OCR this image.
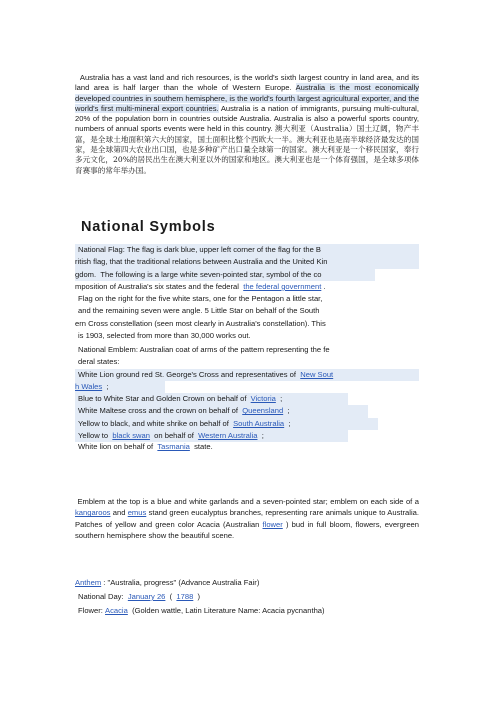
Australia has a vast land and rich resources, is the world's sixth largest country in land area, and its land area is half larger than the whole of Western Europe. Australia is the most economically developed countries in southern hemisphere, is the world's fourth largest agricultural exporter, and the world's first multi-mineral export countries. Australia is a nation of immigrants, pursuing multi-cultural, 20% of the population born in countries outside Australia. Australia is also a powerful sports country, numbers of annual sports events were held in this country. 澳大利亚（Australia）国土辽阔，物产丰富，是全球土地面积第六大的国家，国土面积比整个西欧大一半。澳大利亚也是南半球经济最发达的国家，是全球第四大农业出口国，也是多种矿产出口量全球第一的国家。澳大利亚是一个移民国家，奉行多元文化，20%的居民出生在澳大利亚以外的国家和地区。澳大利亚也是一个体育强国，是全球多项体育赛事的常年举办国。
National Symbols
National Flag: The flag is dark blue, upper left corner of the flag for the B
ritish flag, that the traditional relations between Australia and the United Kin
gdom. The following is a large white seven-pointed star, symbol of the co
mposition of Australia's six states and the federal the federal government .
Flag on the right for the five white stars, one for the Pentagon a little star,
and the remaining seven were angle. 5 Little Star on behalf of the South
ern Cross constellation (seen most clearly in Australia's constellation). This
is 1903, selected from more than 30,000 works out.
National Emblem: Australian coat of arms of the pattern representing the fe
deral states:
White Lion ground red St. George's Cross and representatives of New Sout
h Wales ;
Blue to White Star and Golden Crown on behalf of Victoria ;
White Maltese cross and the crown on behalf of Queensland ;
Yellow to black, and white shrike on behalf of South Australia ;
Yellow to black swan on behalf of Western Australia ;
White lion on behalf of Tasmania state.
Emblem at the top is a blue and white garlands and a seven-pointed star; emblem on each side of a kangaroos and emus stand green eucalyptus branches, representing rare animals unique to Australia. Patches of yellow and green color Acacia (Australian flower ) bud in full bloom, flowers, evergreen southern hemisphere show the beautiful scene.
Anthem : "Australia, progress" (Advance Australia Fair)
National Day: January 26 ( 1788 )
Flower: Acacia (Golden wattle, Latin Literature Name: Acacia pycnantha)
